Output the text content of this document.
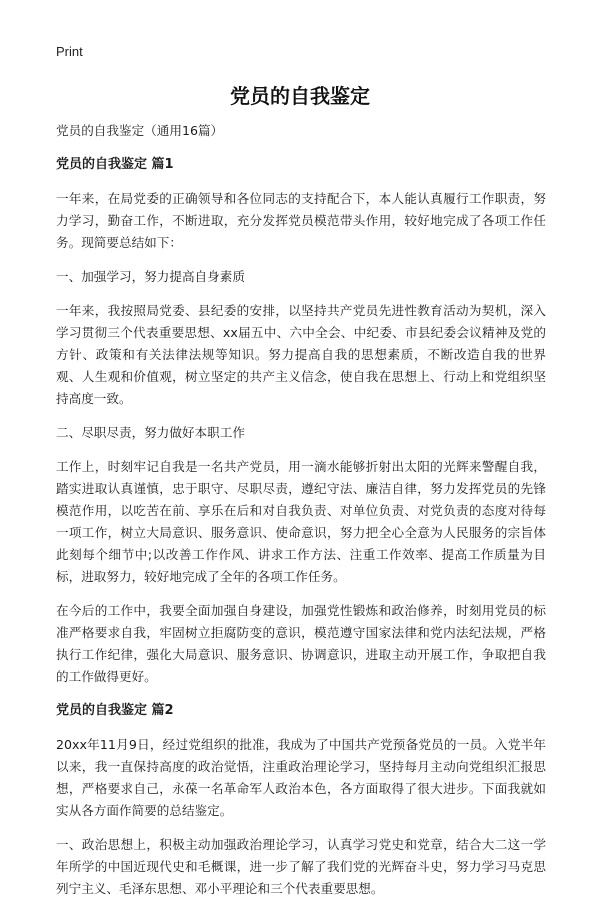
Print
党员的自我鉴定

党员的自我鉴定（通用16篇）

党员的自我鉴定 篇1

一年来，在局党委的正确领导和各位同志的支持配合下，本人能认真履行工作职责，努力学习，勤奋工作，不断进取，充分发挥党员模范带头作用，较好地完成了各项工作任务。现简要总结如下：

一、加强学习，努力提高自身素质

一年来，我按照局党委、县纪委的安排，以坚持共产党员先进性教育活动为契机，深入学习贯彻三个代表重要思想、xx届五中、六中全会、中纪委、市县纪委会议精神及党的方针、政策和有关法律法规等知识。努力提高自我的思想素质，不断改造自我的世界观、人生观和价值观，树立坚定的共产主义信念，使自我在思想上、行动上和党组织坚持高度一致。

二、尽职尽责，努力做好本职工作

工作上，时刻牢记自我是一名共产党员，用一滴水能够折射出太阳的光辉来警醒自我，踏实进取认真谨慎，忠于职守、尽职尽责，遵纪守法、廉洁自律，努力发挥党员的先锋模范作用，以吃苦在前、享乐在后和对自我负责、对单位负责、对党负责的态度对待每一项工作，树立大局意识、服务意识、使命意识，努力把全心全意为人民服务的宗旨体此刻每个细节中;以改善工作作风、讲求工作方法、注重工作效率、提高工作质量为目标，进取努力，较好地完成了全年的各项工作任务。

在今后的工作中，我要全面加强自身建设，加强党性锻炼和政治修养，时刻用党员的标准严格要求自我，牢固树立拒腐防变的意识，模范遵守国家法律和党内法纪法规，严格执行工作纪律，强化大局意识、服务意识、协调意识，进取主动开展工作，争取把自我的工作做得更好。

党员的自我鉴定 篇2

20xx年11月9日，经过党组织的批准，我成为了中国共产党预备党员的一员。入党半年以来，我一直保持高度的政治觉悟，注重政治理论学习，坚持每月主动向党组织汇报思想，严格要求自己，永葆一名革命军人政治本色，各方面取得了很大进步。下面我就如实从各方面作简要的总结鉴定。

一、政治思想上，积极主动加强政治理论学习，认真学习党史和党章，结合大二这一学年所学的中国近现代史和毛概课，进一步了解了我们党的光辉奋斗史，努力学习马克思列宁主义、毛泽东思想、邓小平理论和三个代表重要思想。
